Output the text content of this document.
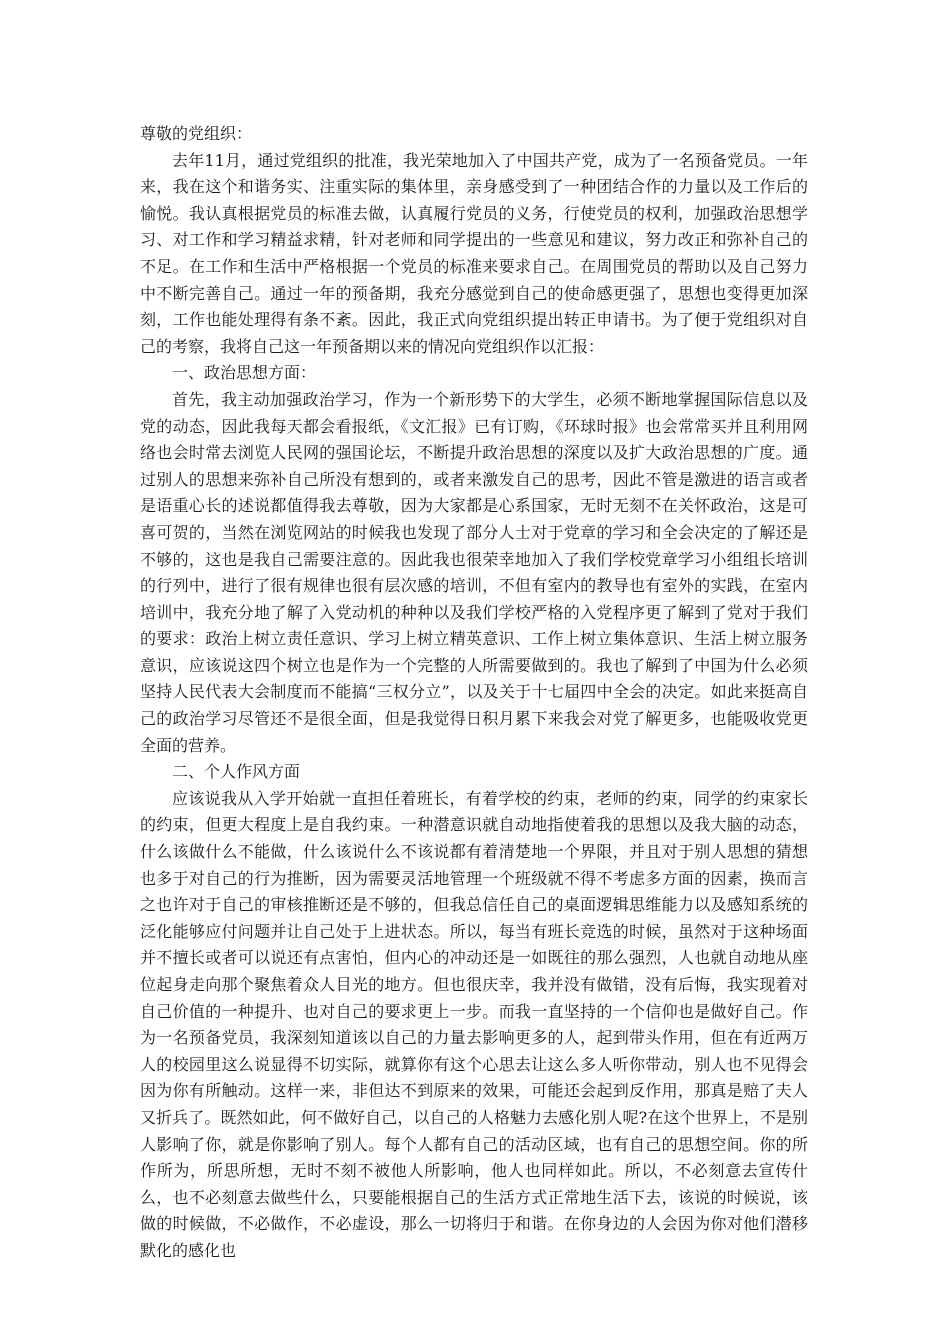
尊敬的党组织：

去年11月，通过党组织的批准，我光荣地加入了中国共产党，成为了一名预备党员。一年来，我在这个和谐务实、注重实际的集体里，亲身感受到了一种团结合作的力量以及工作后的愉悦。我认真根据党员的标准去做，认真履行党员的义务，行使党员的权利，加强政治思想学习、对工作和学习精益求精，针对老师和同学提出的一些意见和建议，努力改正和弥补自己的不足。在工作和生活中严格根据一个党员的标准来要求自己。在周围党员的帮助以及自己努力中不断完善自己。通过一年的预备期，我充分感觉到自己的使命感更强了，思想也变得更加深刻，工作也能处理得有条不紊。因此，我正式向党组织提出转正申请书。为了便于党组织对自己的考察，我将自己这一年预备期以来的情况向党组织作以汇报：

一、政治思想方面：

首先，我主动加强政治学习，作为一个新形势下的大学生，必须不断地掌握国际信息以及党的动态，因此我每天都会看报纸，《文汇报》已有订购，《环球时报》也会常常买并且利用网络也会时常去浏览人民网的强国论坛，不断提升政治思想的深度以及扩大政治思想的广度。通过别人的思想来弥补自己所没有想到的，或者来激发自己的思考，因此不管是激进的语言或者是语重心长的述说都值得我去尊敬，因为大家都是心系国家，无时无刻不在关怀政治，这是可喜可贺的，当然在浏览网站的时候我也发现了部分人士对于党章的学习和全会决定的了解还是不够的，这也是我自己需要注意的。因此我也很荣幸地加入了我们学校党章学习小组组长培训的行列中，进行了很有规律也很有层次感的培训，不但有室内的教导也有室外的实践，在室内培训中，我充分地了解了入党动机的种种以及我们学校严格的入党程序更了解到了党对于我们的要求：政治上树立责任意识、学习上树立精英意识、工作上树立集体意识、生活上树立服务意识，应该说这四个树立也是作为一个完整的人所需要做到的。我也了解到了中国为什么必须坚持人民代表大会制度而不能搞“三权分立”，以及关于十七届四中全会的决定。如此来挺高自己的政治学习尽管还不是很全面，但是我觉得日积月累下来我会对党了解更多，也能吸收党更全面的营养。

二、个人作风方面

应该说我从入学开始就一直担任着班长，有着学校的约束，老师的约束，同学的约束家长的约束，但更大程度上是自我约束。一种潜意识就自动地指使着我的思想以及我大脑的动态，什么该做什么不能做，什么该说什么不该说都有着清楚地一个界限，并且对于别人思想的猜想也多于对自己的行为推断，因为需要灵活地管理一个班级就不得不考虑多方面的因素，换而言之也许对于自己的审核推断还是不够的，但我总信任自己的桌面逻辑思维能力以及感知系统的泛化能够应付问题并让自己处于上进状态。所以，每当有班长竞选的时候，虽然对于这种场面并不擅长或者可以说还有点害怕，但内心的冲动还是一如既往的那么强烈，人也就自动地从座位起身走向那个聚焦着众人目光的地方。但也很庆幸，我并没有做错，没有后悔，我实现着对自己价值的一种提升、也对自己的要求更上一步。而我一直坚持的一个信仰也是做好自己。作为一名预备党员，我深刻知道该以自己的力量去影响更多的人，起到带头作用，但在有近两万人的校园里这么说显得不切实际，就算你有这个心思去让这么多人听你带动，别人也不见得会因为你有所触动。这样一来，非但达不到原来的效果，可能还会起到反作用，那真是赔了夫人又折兵了。既然如此，何不做好自己，以自己的人格魅力去感化别人呢?在这个世界上，不是别人影响了你，就是你影响了别人。每个人都有自己的活动区域，也有自己的思想空间。你的所作所为，所思所想，无时不刻不被他人所影响，他人也同样如此。所以，不必刻意去宣传什么，也不必刻意去做些什么，只要能根据自己的生活方式正常地生活下去，该说的时候说，该做的时候做，不必做作，不必虚设，那么一切将归于和谐。在你身边的人会因为你对他们潜移默化的感化也
